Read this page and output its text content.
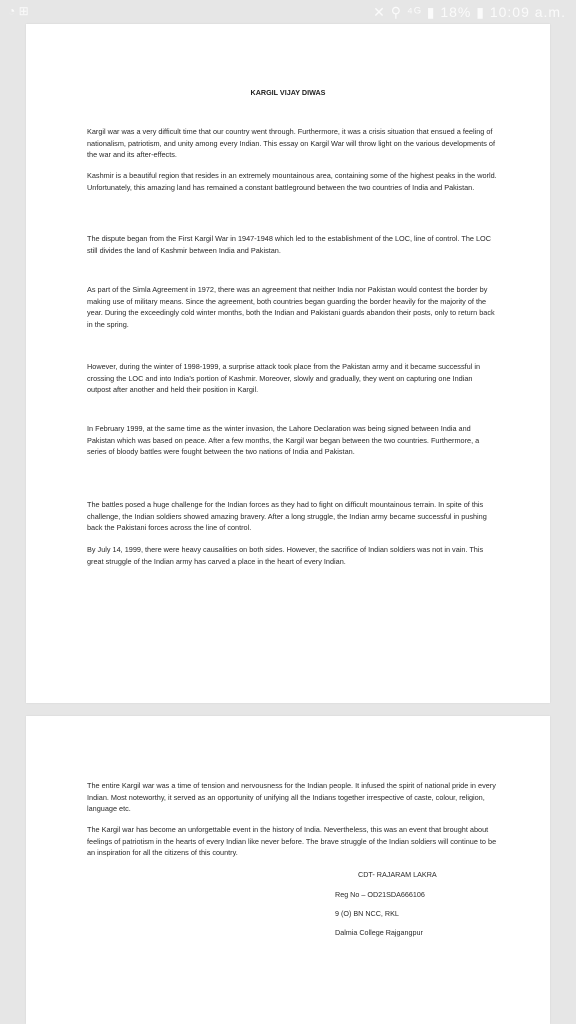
◔ ⊞	✕ ⚲ ⁴ᴳ ▮ 18% ▮ 10:09 a.m.
KARGIL VIJAY DIWAS

Kargil war was a very difficult time that our country went through. Furthermore, it was a crisis situation that ensued a feeling of nationalism, patriotism, and unity among every Indian. This essay on Kargil War will throw light on the various developments of the war and its after-effects.

Kashmir is a beautiful region that resides in an extremely mountainous area, containing some of the highest peaks in the world. Unfortunately, this amazing land has remained a constant battleground between the two countries of India and Pakistan.

The dispute began from the First Kargil War in 1947-1948 which led to the establishment of the LOC, line of control. The LOC still divides the land of Kashmir between India and Pakistan.

As part of the Simla Agreement in 1972, there was an agreement that neither India nor Pakistan would contest the border by making use of military means. Since the agreement, both countries began guarding the border heavily for the majority of the year. During the exceedingly cold winter months, both the Indian and Pakistani guards abandon their posts, only to return back in the spring.

However, during the winter of 1998-1999, a surprise attack took place from the Pakistan army and it became successful in crossing the LOC and into India’s portion of Kashmir. Moreover, slowly and gradually, they went on capturing one Indian outpost after another and held their position in Kargil.

In February 1999, at the same time as the winter invasion, the Lahore Declaration was being signed between India and Pakistan which was based on peace. After a few months, the Kargil war began between the two countries. Furthermore, a series of bloody battles were fought between the two nations of India and Pakistan.

The battles posed a huge challenge for the Indian forces as they had to fight on difficult mountainous terrain. In spite of this challenge, the Indian soldiers showed amazing bravery. After a long struggle, the Indian army became successful in pushing back the Pakistani forces across the line of control.

By July 14, 1999, there were heavy causalities on both sides. However, the sacrifice of Indian soldiers was not in vain. This great struggle of the Indian army has carved a place in the heart of every Indian.

The entire Kargil war was a time of tension and nervousness for the Indian people. It infused the spirit of national pride in every Indian. Most noteworthy, it served as an opportunity of unifying all the Indians together irrespective of caste, colour, religion, language etc.

The Kargil war has become an unforgettable event in the history of India. Nevertheless, this was an event that brought about feelings of patriotism in the hearts of every Indian like never before. The brave struggle of the Indian soldiers will continue to be an inspiration for all the citizens of this country.

CDT- RAJARAM LAKRA
Reg No – OD21SDA666106
9 (O) BN NCC, RKL
Dalmia College Rajgangpur
